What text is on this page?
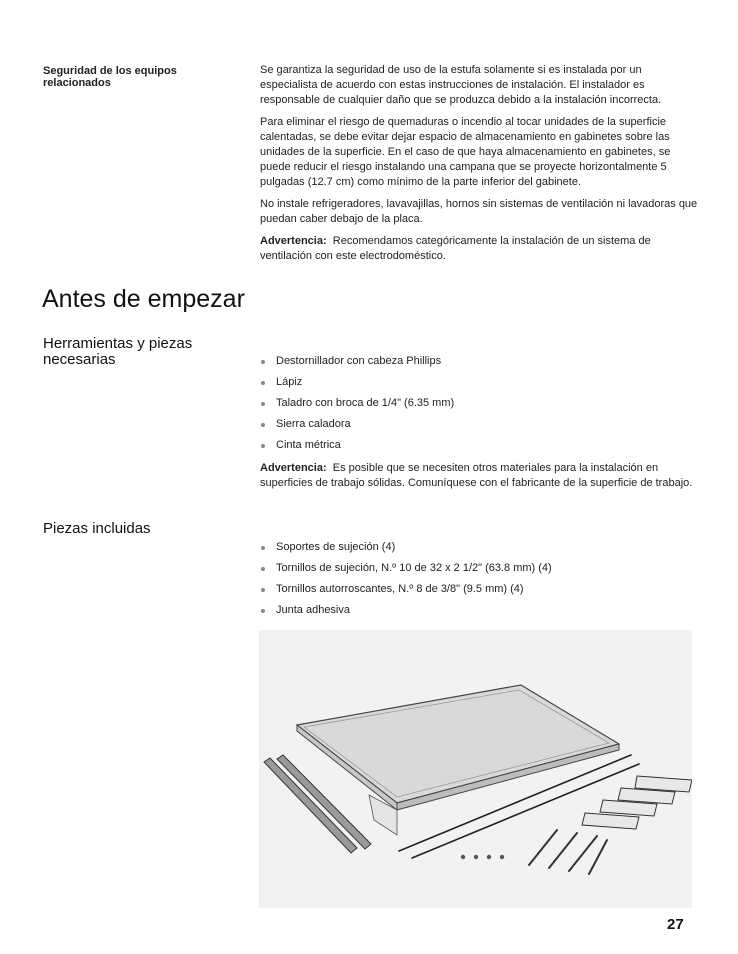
Seguridad de los equipos relacionados

Se garantiza la seguridad de uso de la estufa solamente si es instalada por un especialista de acuerdo con estas instrucciones de instalación. El instalador es responsable de cualquier daño que se produzca debido a la instalación incorrecta.

Para eliminar el riesgo de quemaduras o incendio al tocar unidades de la superficie calentadas, se debe evitar dejar espacio de almacenamiento en gabinetes sobre las unidades de la superficie. En el caso de que haya almacenamiento en gabinetes, se puede reducir el riesgo instalando una campana que se proyecte horizontalmente 5 pulgadas (12.7 cm) como mínimo de la parte inferior del gabinete.

No instale refrigeradores, lavavajillas, hornos sin sistemas de ventilación ni lavadoras que puedan caber debajo de la placa.

Advertencia: Recomendamos categóricamente la instalación de un sistema de ventilación con este electrodoméstico.

Antes de empezar
Herramientas y piezas necesarias	Destornillador con cabeza Phillips
Lápiz
Taladro con broca de 1/4" (6.35 mm)
Sierra caladora
Cinta métrica

Advertencia: Es posible que se necesiten otros materiales para la instalación en superficies de trabajo sólidas. Comuníquese con el fabricante de la superficie de trabajo.

Piezas incluidas
Soportes de sujeción (4)
Tornillos de sujeción, N.º 10 de 32 x 2 1/2" (63.8 mm) (4)
Tornillos autorroscantes, N.º 8 de 3/8" (9.5 mm) (4)
Junta adhesiva
27
